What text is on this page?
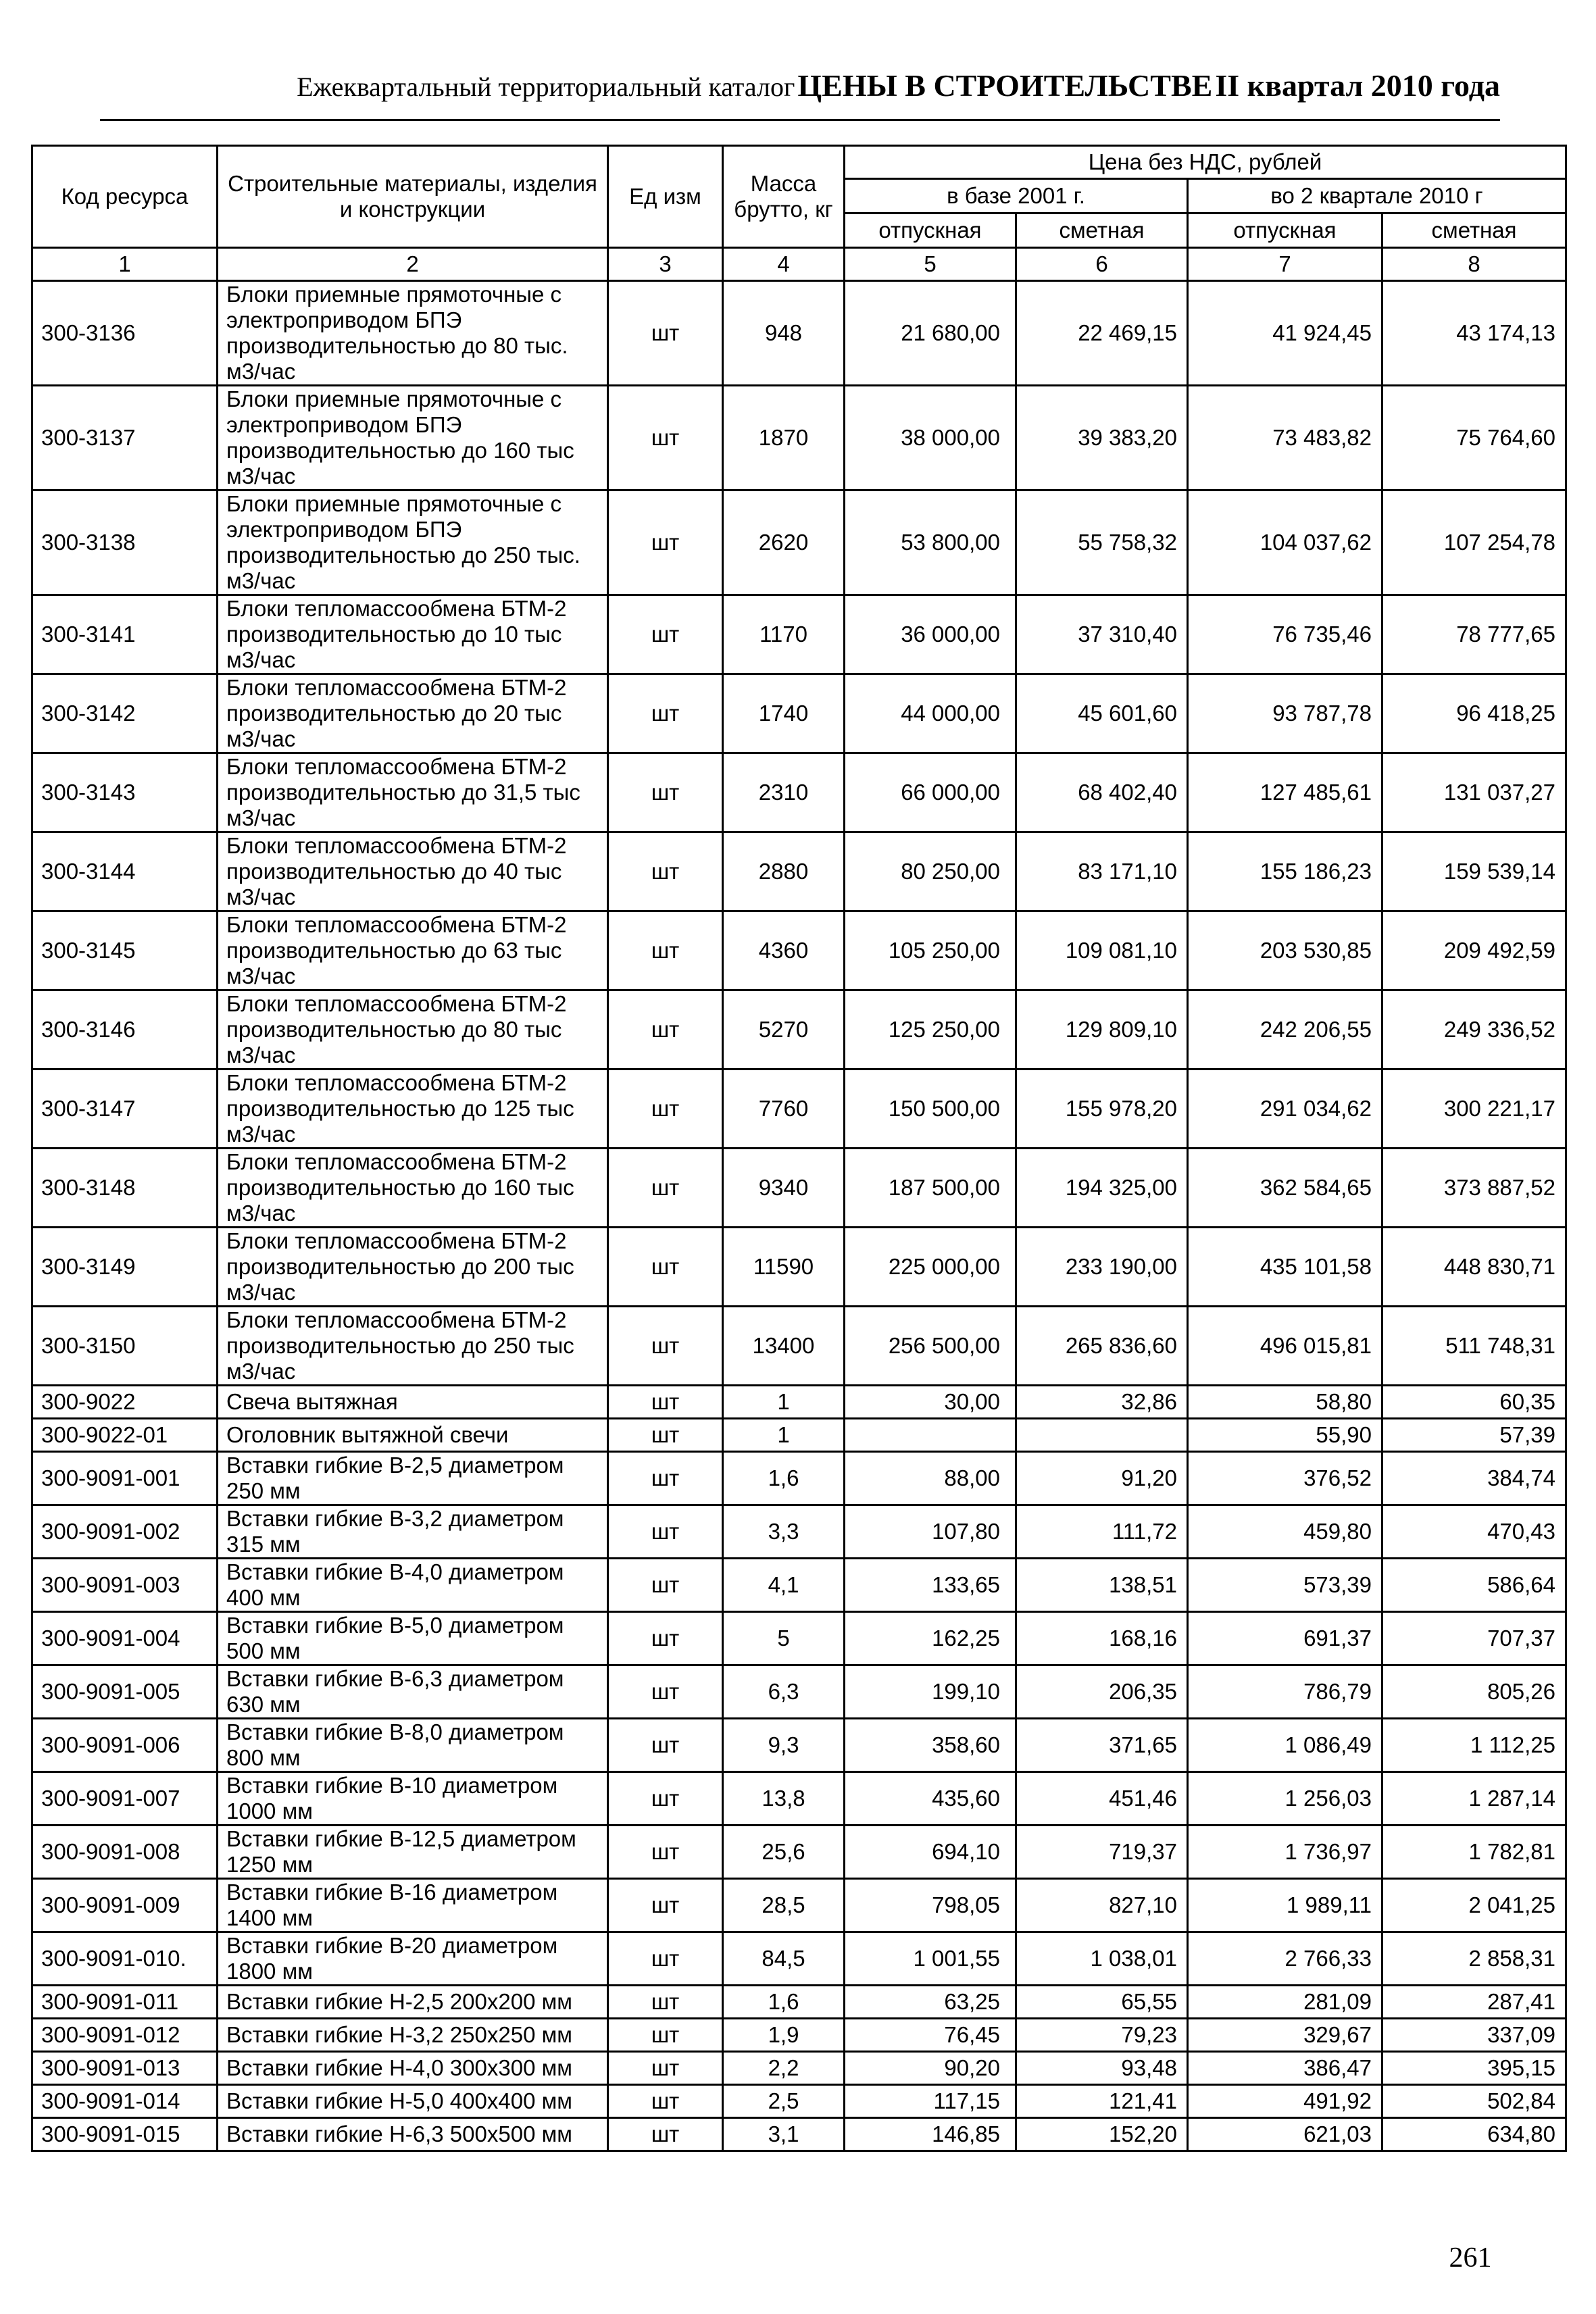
Ежеквартальный территориальный каталог ЦЕНЫ В СТРОИТЕЛЬСТВЕ II квартал 2010 года
Код ресурса	Строительные материалы, изделия и конструкции	Ед изм	Масса брутто, кг	Цена без НДС, рублей			
				в базе 2001 г.		во 2 квартале 2010 г	
				отпускная	сметная	отпускная	сметная
1	2	3	4	5	6	7	8
300-3136	Блоки приемные прямоточные с электроприводом БПЭ производительностью до 80 тыс. м3/час	шт	948	21 680,00	22 469,15	41 924,45	43 174,13
300-3137	Блоки приемные прямоточные с электроприводом БПЭ производительностью до 160 тыс м3/час	шт	1870	38 000,00	39 383,20	73 483,82	75 764,60
300-3138	Блоки приемные прямоточные с электроприводом БПЭ производительностью до 250 тыс. м3/час	шт	2620	53 800,00	55 758,32	104 037,62	107 254,78
300-3141	Блоки тепломассообмена БТМ-2 производительностью до 10 тыс м3/час	шт	1170	36 000,00	37 310,40	76 735,46	78 777,65
300-3142	Блоки тепломассообмена БТМ-2 производительностью до 20 тыс м3/час	шт	1740	44 000,00	45 601,60	93 787,78	96 418,25
300-3143	Блоки тепломассообмена БТМ-2 производительностью до 31,5 тыс м3/час	шт	2310	66 000,00	68 402,40	127 485,61	131 037,27
300-3144	Блоки тепломассообмена БТМ-2 производительностью до 40 тыс м3/час	шт	2880	80 250,00	83 171,10	155 186,23	159 539,14
300-3145	Блоки тепломассообмена БТМ-2 производительностью до 63 тыс м3/час	шт	4360	105 250,00	109 081,10	203 530,85	209 492,59
300-3146	Блоки тепломассообмена БТМ-2 производительностью до 80 тыс м3/час	шт	5270	125 250,00	129 809,10	242 206,55	249 336,52
300-3147	Блоки тепломассообмена БТМ-2 производительностью до 125 тыс м3/час	шт	7760	150 500,00	155 978,20	291 034,62	300 221,17
300-3148	Блоки тепломассообмена БТМ-2 производительностью до 160 тыс м3/час	шт	9340	187 500,00	194 325,00	362 584,65	373 887,52
300-3149	Блоки тепломассообмена БТМ-2 производительностью до 200 тыс м3/час	шт	11590	225 000,00	233 190,00	435 101,58	448 830,71
300-3150	Блоки тепломассообмена БТМ-2 производительностью до 250 тыс м3/час	шт	13400	256 500,00	265 836,60	496 015,81	511 748,31
300-9022	Свеча вытяжная	шт	1	30,00	32,86	58,80	60,35
300-9022-01	Оголовник вытяжной свечи	шт	1			55,90	57,39
300-9091-001	Вставки гибкие В-2,5 диаметром 250 мм	шт	1,6	88,00	91,20	376,52	384,74
300-9091-002	Вставки гибкие В-3,2 диаметром 315 мм	шт	3,3	107,80	111,72	459,80	470,43
300-9091-003	Вставки гибкие В-4,0 диаметром 400 мм	шт	4,1	133,65	138,51	573,39	586,64
300-9091-004	Вставки гибкие В-5,0 диаметром 500 мм	шт	5	162,25	168,16	691,37	707,37
300-9091-005	Вставки гибкие В-6,3 диаметром 630 мм	шт	6,3	199,10	206,35	786,79	805,26
300-9091-006	Вставки гибкие В-8,0 диаметром 800 мм	шт	9,3	358,60	371,65	1 086,49	1 112,25
300-9091-007	Вставки гибкие В-10 диаметром 1000 мм	шт	13,8	435,60	451,46	1 256,03	1 287,14
300-9091-008	Вставки гибкие В-12,5 диаметром 1250 мм	шт	25,6	694,10	719,37	1 736,97	1 782,81
300-9091-009	Вставки гибкие В-16 диаметром 1400 мм	шт	28,5	798,05	827,10	1 989,11	2 041,25
300-9091-010.	Вставки гибкие В-20 диаметром 1800 мм	шт	84,5	1 001,55	1 038,01	2 766,33	2 858,31
300-9091-011	Вставки гибкие Н-2,5 200х200 мм	шт	1,6	63,25	65,55	281,09	287,41
300-9091-012	Вставки гибкие Н-3,2 250х250 мм	шт	1,9	76,45	79,23	329,67	337,09
300-9091-013	Вставки гибкие Н-4,0 300х300 мм	шт	2,2	90,20	93,48	386,47	395,15
300-9091-014	Вставки гибкие Н-5,0 400х400 мм	шт	2,5	117,15	121,41	491,92	502,84
300-9091-015	Вставки гибкие Н-6,3 500х500 мм	шт	3,1	146,85	152,20	621,03	634,80
261
